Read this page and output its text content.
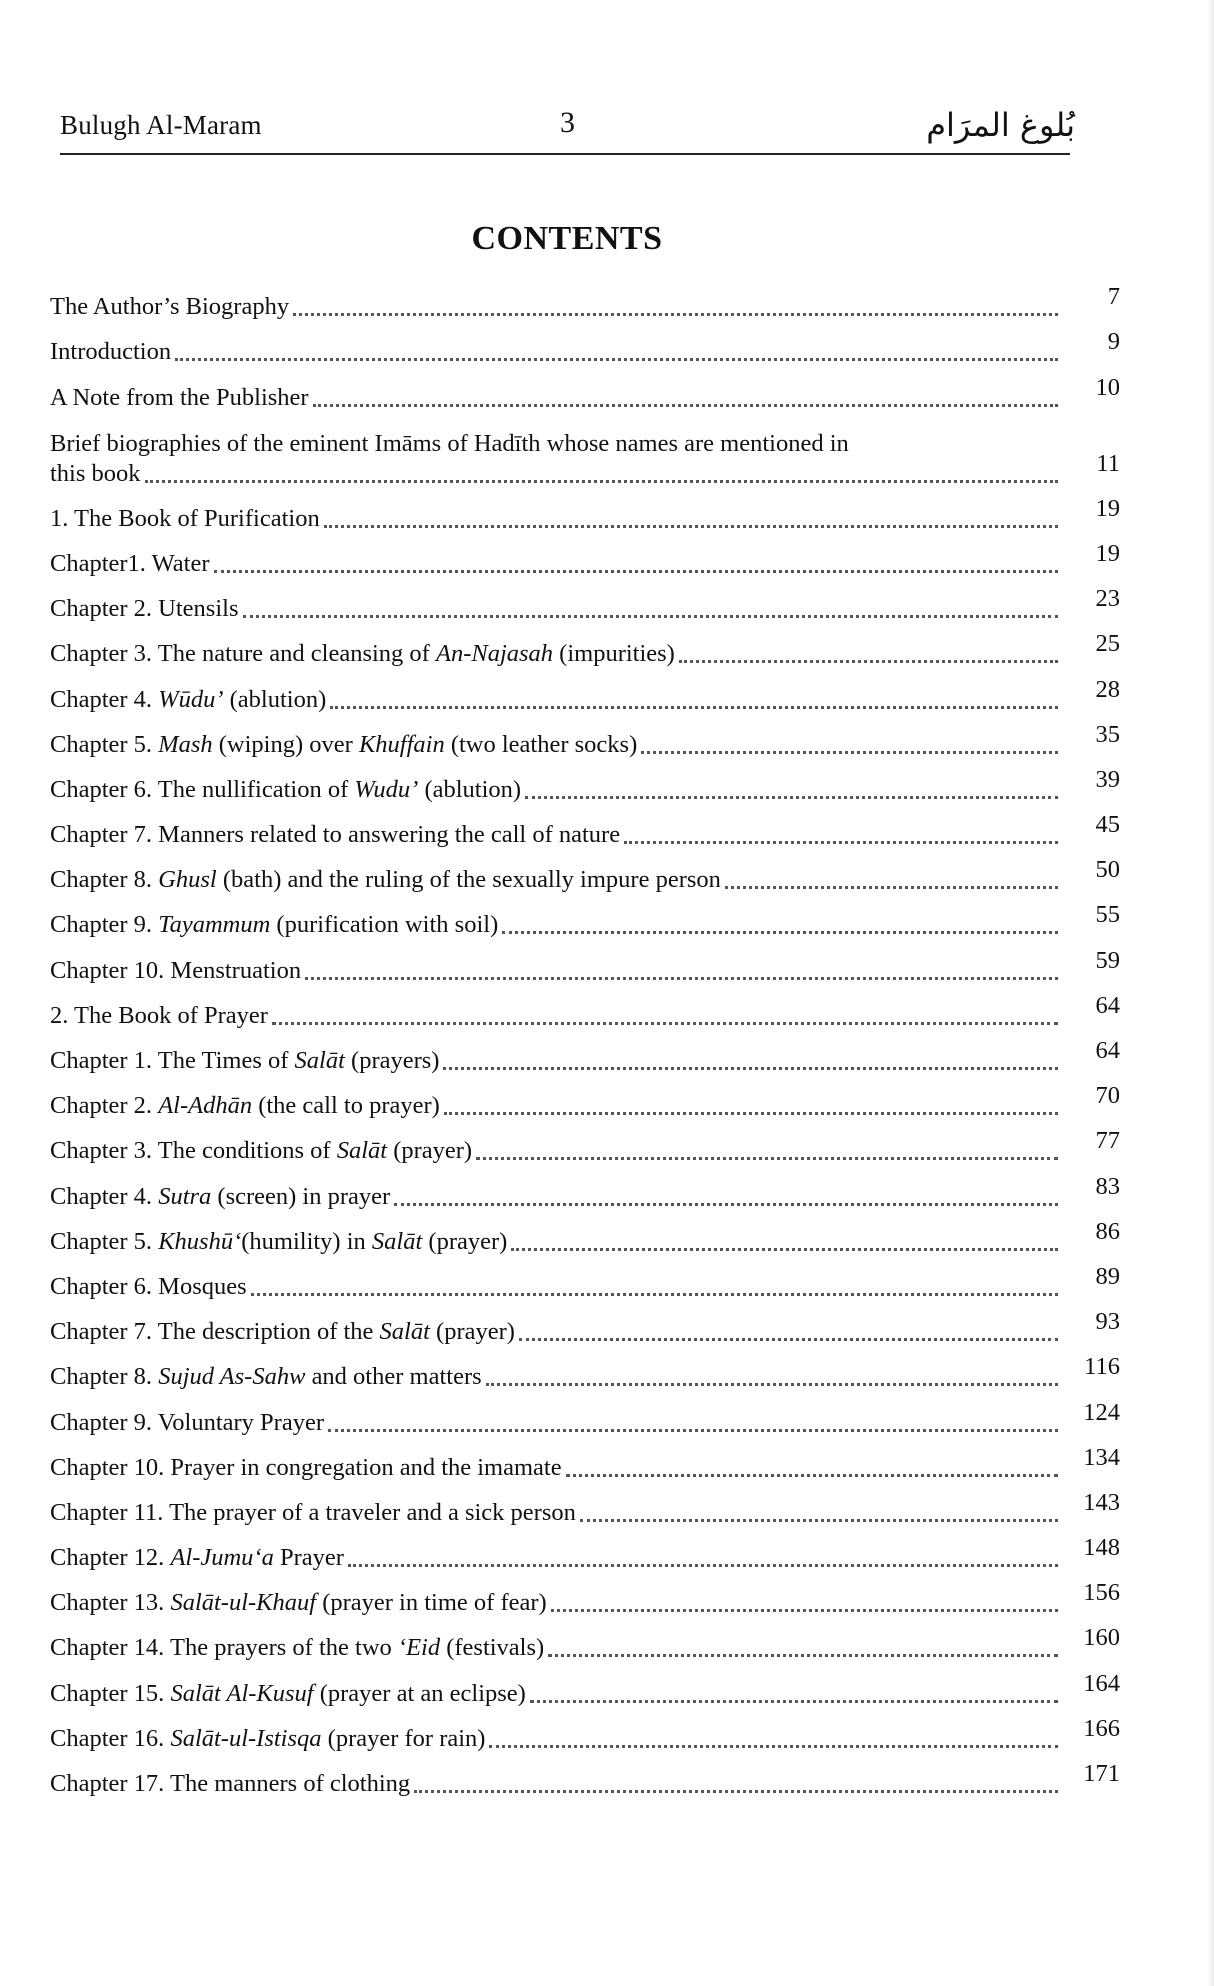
Bulugh Al-Maram	3	بُلوغ المرَام
CONTENTS
The Author’s Biography	7
Introduction	9
A Note from the Publisher	10
Brief biographies of the eminent Imāms of Hadīth whose names are mentioned in
this book	11
1. The Book of Purification	19
Chapter1. Water	19
Chapter 2. Utensils	23
Chapter 3. The nature and cleansing of An-Najasah (impurities)	25
Chapter 4. Wūdu’ (ablution)	28
Chapter 5. Mash (wiping) over Khuffain (two leather socks)	35
Chapter 6. The nullification of Wudu’ (ablution)	39
Chapter 7. Manners related to answering the call of nature	45
Chapter 8. Ghusl (bath) and the ruling of the sexually impure person	50
Chapter 9. Tayammum (purification with soil)	55
Chapter 10. Menstruation	59
2. The Book of Prayer	64
Chapter 1. The Times of Salāt (prayers)	64
Chapter 2. Al-Adhān (the call to prayer)	70
Chapter 3. The conditions of Salāt (prayer)	77
Chapter 4. Sutra (screen) in prayer	83
Chapter 5. Khushū‘(humility) in Salāt (prayer)	86
Chapter 6. Mosques	89
Chapter 7. The description of the Salāt (prayer)	93
Chapter 8. Sujud As-Sahw and other matters	116
Chapter 9. Voluntary Prayer	124
Chapter 10. Prayer in congregation and the imamate	134
Chapter 11. The prayer of a traveler and a sick person	143
Chapter 12. Al-Jumu‘a Prayer	148
Chapter 13. Salāt-ul-Khauf (prayer in time of fear)	156
Chapter 14. The prayers of the two ‘Eid (festivals)	160
Chapter 15. Salāt Al-Kusuf (prayer at an eclipse)	164
Chapter 16. Salāt-ul-Istisqa (prayer for rain)	166
Chapter 17. The manners of clothing	171
